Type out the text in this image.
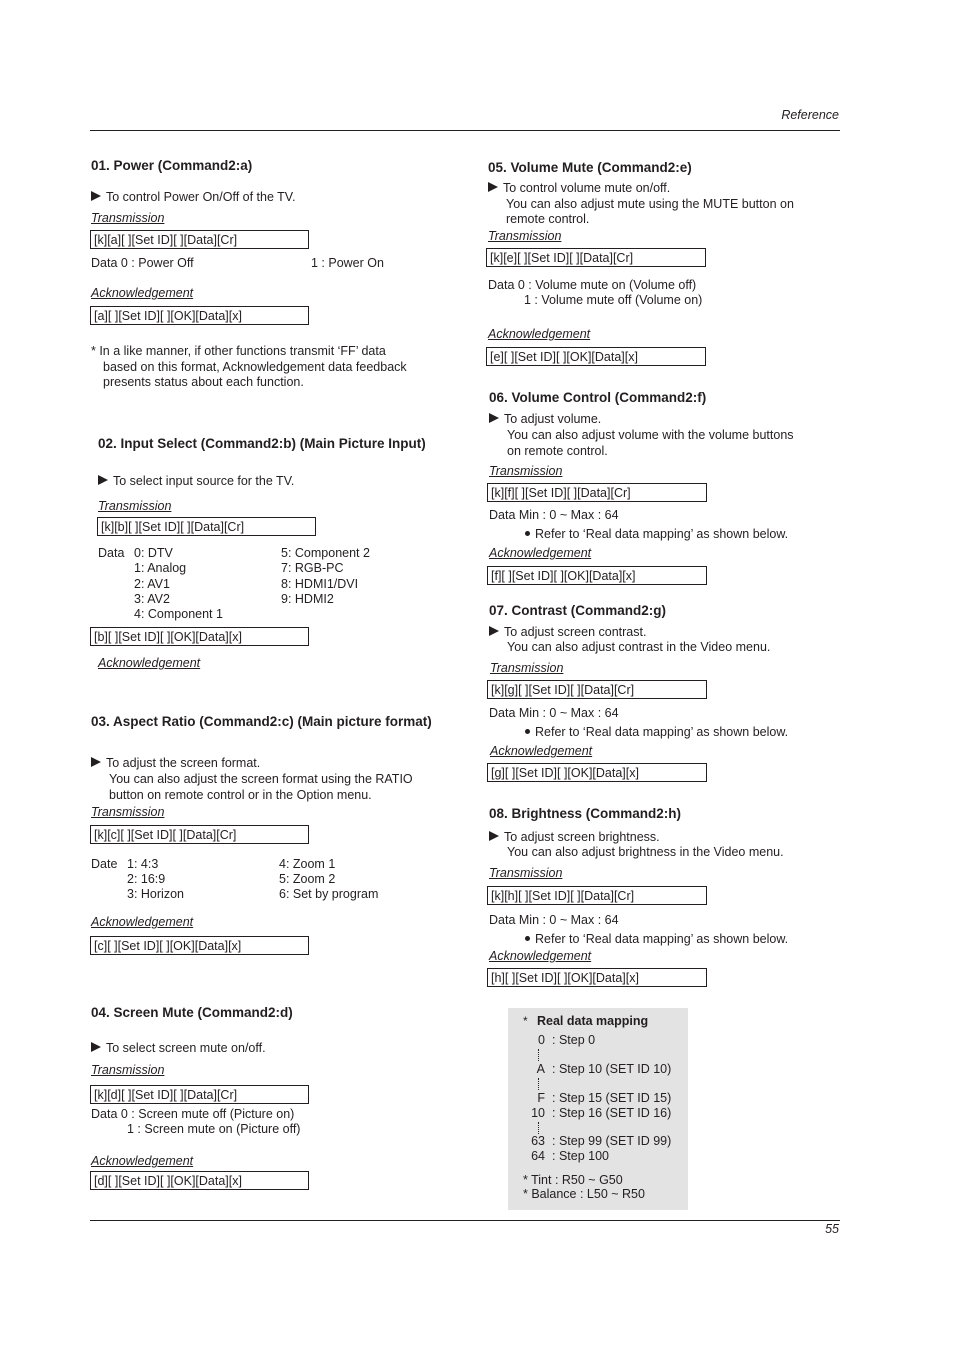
Reference
01. Power (Command2:a)
To control Power On/Off of the TV.
Transmission
[k][a][ ][Set ID][ ][Data][Cr]
Data 0 : Power Off	1 : Power On
Acknowledgement
[a][ ][Set ID][ ][OK][Data][x]
* In a like manner, if other functions transmit ‘FF’ data
based on this format, Acknowledgement data feedback
presents status about each function.
02. Input Select (Command2:b) (Main Picture Input)
To select input source for the TV.
Transmission
[k][b][ ][Set ID][ ][Data][Cr]
Data 0: DTV
1: Analog
2: AV1
3: AV2
4: Component 1
5: Component 2
7: RGB-PC
8: HDMI1/DVI
9: HDMI2
[b][ ][Set ID][ ][OK][Data][x]
Acknowledgement
03. Aspect Ratio (Command2:c) (Main picture format)
To adjust the screen format.
You can also adjust the screen format using the RATIO
button on remote control or in the Option menu.
Transmission
[k][c][ ][Set ID][ ][Data][Cr]
Date 1: 4:3
2: 16:9
3: Horizon
4: Zoom 1
5: Zoom 2
6: Set by program
Acknowledgement
[c][ ][Set ID][ ][OK][Data][x]
04. Screen Mute (Command2:d)
To select screen mute on/off.
Transmission
[k][d][ ][Set ID][ ][Data][Cr]
Data 0 : Screen mute off (Picture on)
1 : Screen mute on (Picture off)
Acknowledgement
[d][ ][Set ID][ ][OK][Data][x]
05. Volume Mute (Command2:e)
To control volume mute on/off.
You can also adjust mute using the MUTE button on
remote control.
Transmission
[k][e][ ][Set ID][ ][Data][Cr]
Data 0 : Volume mute on (Volume off)
1 : Volume mute off (Volume on)
Acknowledgement
[e][ ][Set ID][ ][OK][Data][x]
06. Volume Control (Command2:f)
To adjust volume.
You can also adjust volume with the volume buttons
on remote control.
Transmission
[k][f][ ][Set ID][ ][Data][Cr]
Data Min : 0 ~ Max : 64
Refer to ‘Real data mapping’ as shown below.
Acknowledgement
[f][ ][Set ID][ ][OK][Data][x]
07. Contrast (Command2:g)
To adjust screen contrast.
You can also adjust contrast in the Video menu.
Transmission
[k][g][ ][Set ID][ ][Data][Cr]
Data Min : 0 ~ Max : 64
Refer to ‘Real data mapping’ as shown below.
Acknowledgement
[g][ ][Set ID][ ][OK][Data][x]
08. Brightness (Command2:h)
To adjust screen brightness.
You can also adjust brightness in the Video menu.
Transmission
[k][h][ ][Set ID][ ][Data][Cr]
Data Min : 0 ~ Max : 64
Refer to ‘Real data mapping’ as shown below.
Acknowledgement
[h][ ][Set ID][ ][OK][Data][x]
* Real data mapping
0 : Step 0
A : Step 10 (SET ID 10)
F : Step 15 (SET ID 15)
10 : Step 16 (SET ID 16)
63 : Step 99 (SET ID 99)
64 : Step 100
* Tint : R50 ~ G50
* Balance : L50 ~ R50
55
